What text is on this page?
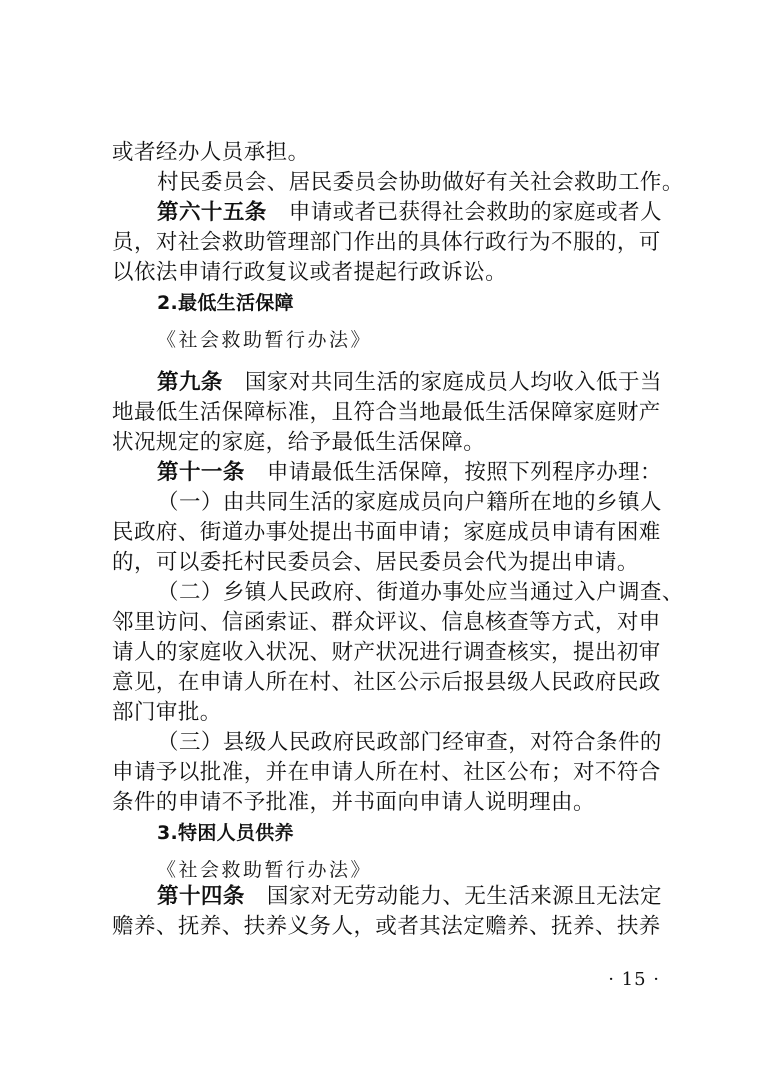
或者经办人员承担。
村民委员会、居民委员会协助做好有关社会救助工作。
第六十五条 申请或者已获得社会救助的家庭或者人
员，对社会救助管理部门作出的具体行政行为不服的，可
以依法申请行政复议或者提起行政诉讼。
2.最低生活保障
《社会救助暂行办法》
第九条 国家对共同生活的家庭成员人均收入低于当
地最低生活保障标准，且符合当地最低生活保障家庭财产
状况规定的家庭，给予最低生活保障。
第十一条 申请最低生活保障，按照下列程序办理：
（一）由共同生活的家庭成员向户籍所在地的乡镇人
民政府、街道办事处提出书面申请；家庭成员申请有困难
的，可以委托村民委员会、居民委员会代为提出申请。
（二）乡镇人民政府、街道办事处应当通过入户调查、
邻里访问、信函索证、群众评议、信息核查等方式，对申
请人的家庭收入状况、财产状况进行调查核实，提出初审
意见，在申请人所在村、社区公示后报县级人民政府民政
部门审批。
（三）县级人民政府民政部门经审查，对符合条件的
申请予以批准，并在申请人所在村、社区公布；对不符合
条件的申请不予批准，并书面向申请人说明理由。
3.特困人员供养
《社会救助暂行办法》
第十四条 国家对无劳动能力、无生活来源且无法定
赡养、抚养、扶养义务人，或者其法定赡养、抚养、扶养
· 15 ·
